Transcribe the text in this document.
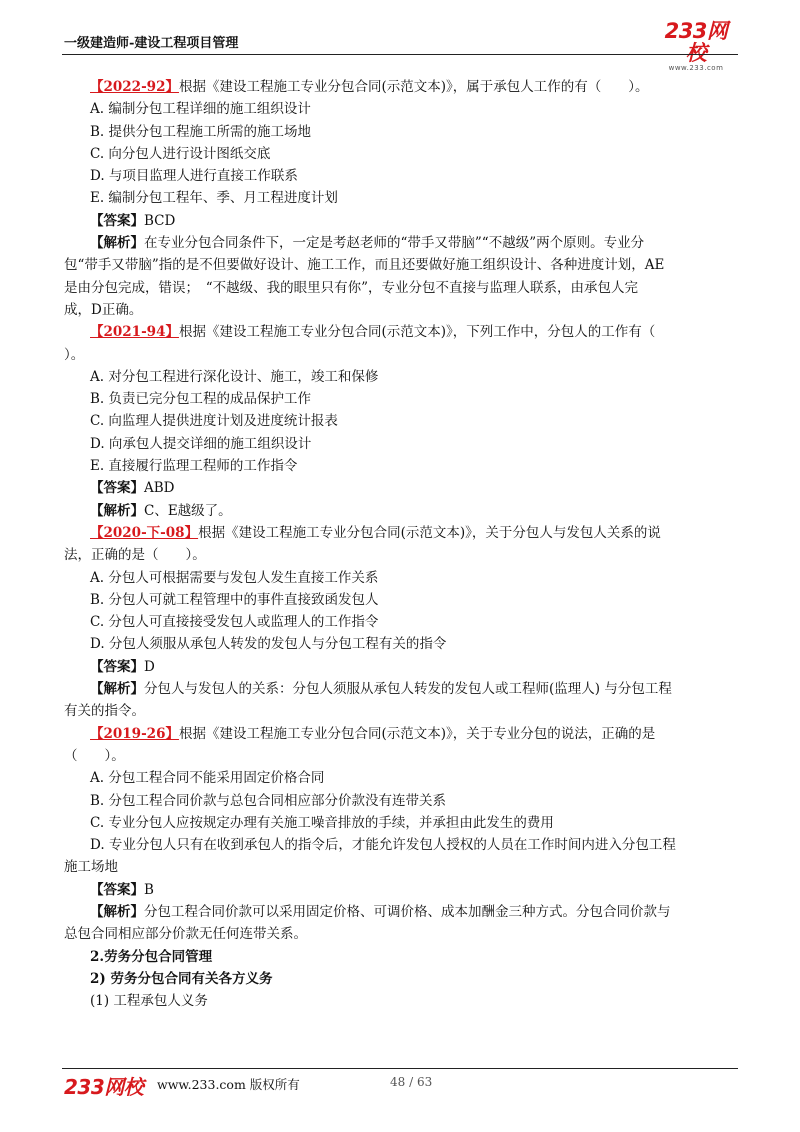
一级建造师-建设工程项目管理
233网校
www.233.com

【2022-92】根据《建设工程施工专业分包合同(示范文本)》，属于承包人工作的有（　　）。

A. 编制分包工程详细的施工组织设计

B. 提供分包工程施工所需的施工场地

C. 向分包人进行设计图纸交底

D. 与项目监理人进行直接工作联系

E. 编制分包工程年、季、月工程进度计划

【答案】BCD

【解析】在专业分包合同条件下，一定是考赵老师的“带手又带脑”“不越级”两个原则。专业分

包“带手又带脑”指的是不但要做好设计、施工工作，而且还要做好施工组织设计、各种进度计划，AE

是由分包完成，错误；　“不越级、我的眼里只有你”，专业分包不直接与监理人联系，由承包人完

成，D正确。

【2021-94】根据《建设工程施工专业分包合同(示范文本)》，下列工作中，分包人的工作有（

）。

A. 对分包工程进行深化设计、施工，竣工和保修

B. 负责已完分包工程的成品保护工作

C. 向监理人提供进度计划及进度统计报表

D. 向承包人提交详细的施工组织设计

E. 直接履行监理工程师的工作指令

【答案】ABD

【解析】C、E越级了。

【2020-下-08】根据《建设工程施工专业分包合同(示范文本)》，关于分包人与发包人关系的说

法，正确的是（　　）。

A. 分包人可根据需要与发包人发生直接工作关系

B. 分包人可就工程管理中的事件直接致函发包人

C. 分包人可直接接受发包人或监理人的工作指令

D. 分包人须服从承包人转发的发包人与分包工程有关的指令

【答案】D

【解析】分包人与发包人的关系：分包人须服从承包人转发的发包人或工程师(监理人) 与分包工程

有关的指令。

【2019-26】根据《建设工程施工专业分包合同(示范文本)》，关于专业分包的说法，正确的是

（　　）。

A. 分包工程合同不能采用固定价格合同

B. 分包工程合同价款与总包合同相应部分价款没有连带关系

C. 专业分包人应按规定办理有关施工噪音排放的手续，并承担由此发生的费用

D. 专业分包人只有在收到承包人的指令后，才能允许发包人授权的人员在工作时间内进入分包工程

施工场地

【答案】B

【解析】分包工程合同价款可以采用固定价格、可调价格、成本加酬金三种方式。分包合同价款与

总包合同相应部分价款无任何连带关系。

2.劳务分包合同管理

2) 劳务分包合同有关各方义务

(1) 工程承包人义务

233网校 www.233.com 版权所有	48 / 63
